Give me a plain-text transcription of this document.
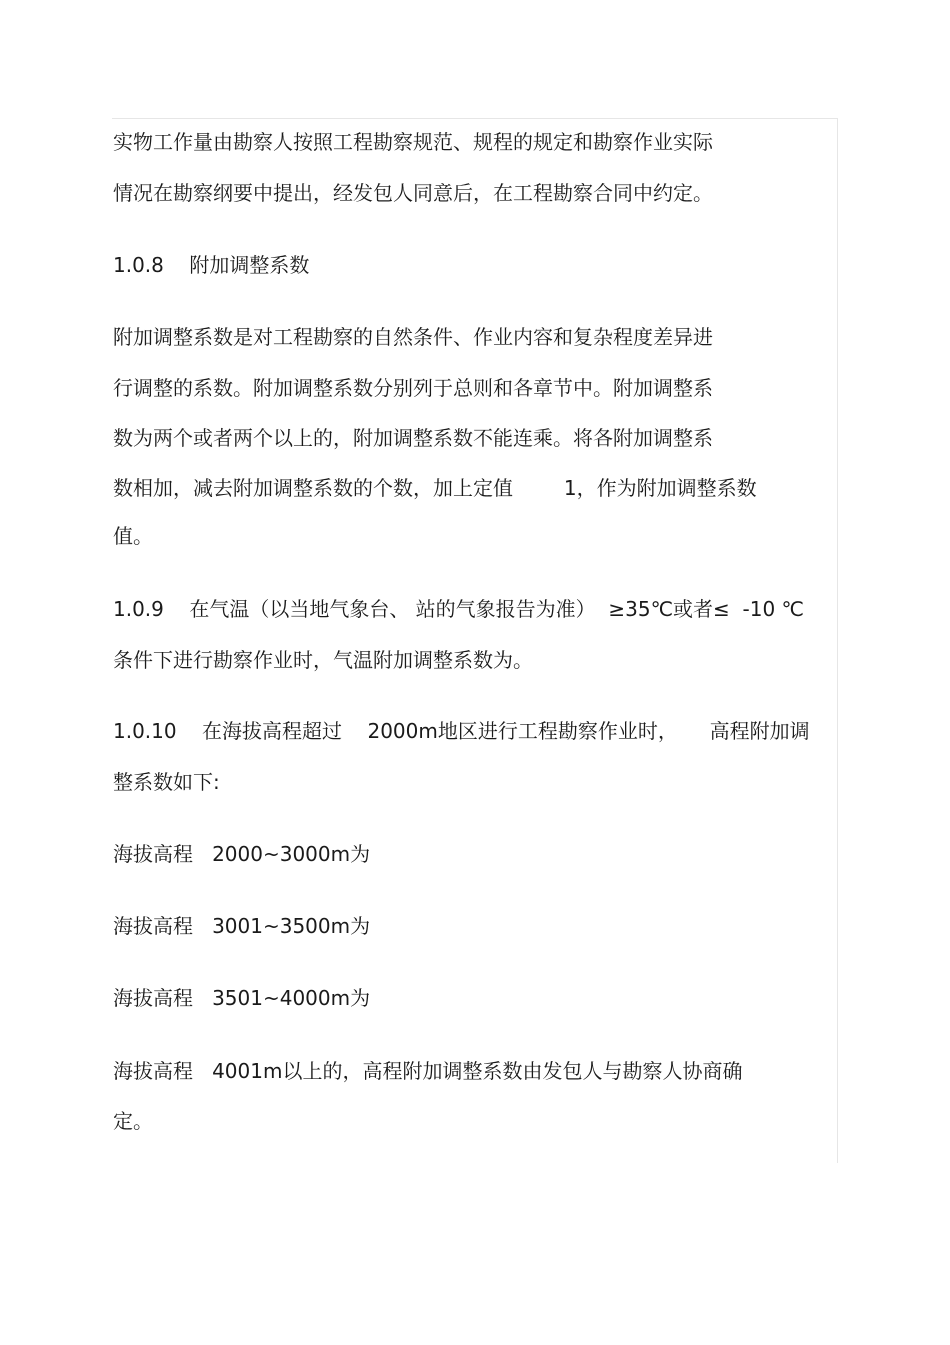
实物工作量由勘察人按照工程勘察规范、规程的规定和勘察作业实际
情况在勘察纲要中提出，经发包人同意后，在工程勘察合同中约定。
1.0.8    附加调整系数
附加调整系数是对工程勘察的自然条件、作业内容和复杂程度差异进
行调整的系数。附加调整系数分别列于总则和各章节中。附加调整系
数为两个或者两个以上的，附加调整系数不能连乘。将各附加调整系
数相加，减去附加调整系数的个数，加上定值        1，作为附加调整系数
值。
1.0.9    在气温（以当地气象台、 站的气象报告为准）  ≥35℃或者≤  -10 ℃
条件下进行勘察作业时，气温附加调整系数为。
1.0.10    在海拔高程超过    2000m地区进行工程勘察作业时，     高程附加调
整系数如下:
海拔高程   2000~3000m为
海拔高程   3001~3500m为
海拔高程   3501~4000m为
海拔高程   4001m以上的，高程附加调整系数由发包人与勘察人协商确
定。
